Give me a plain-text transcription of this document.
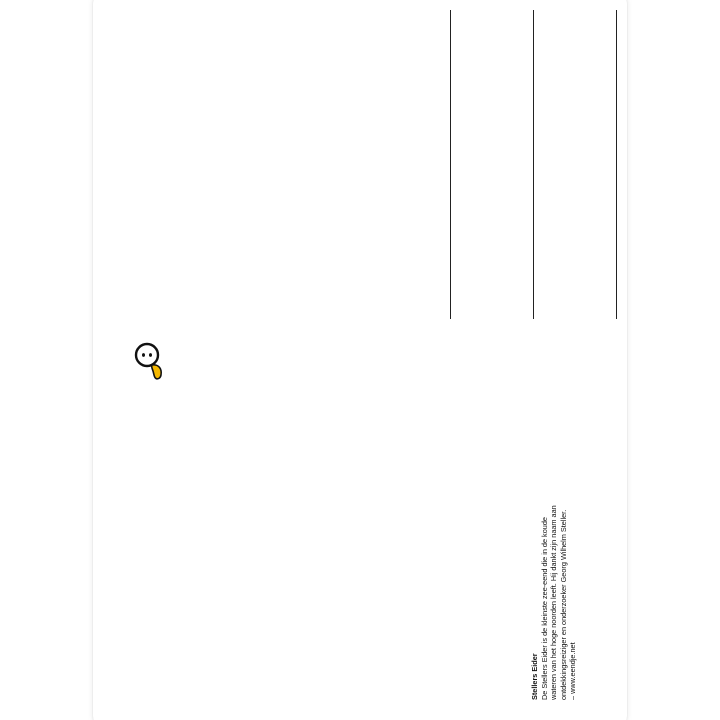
Stellers Eider De Stellers Eider is de kleinste zee-eend die in de koude wateren van het hoge noorden leeft. Hij dankt zijn naam aan ontdekkingsreiziger en onderzoeker Georg Wilhelm Steller. – www.eendje.net
